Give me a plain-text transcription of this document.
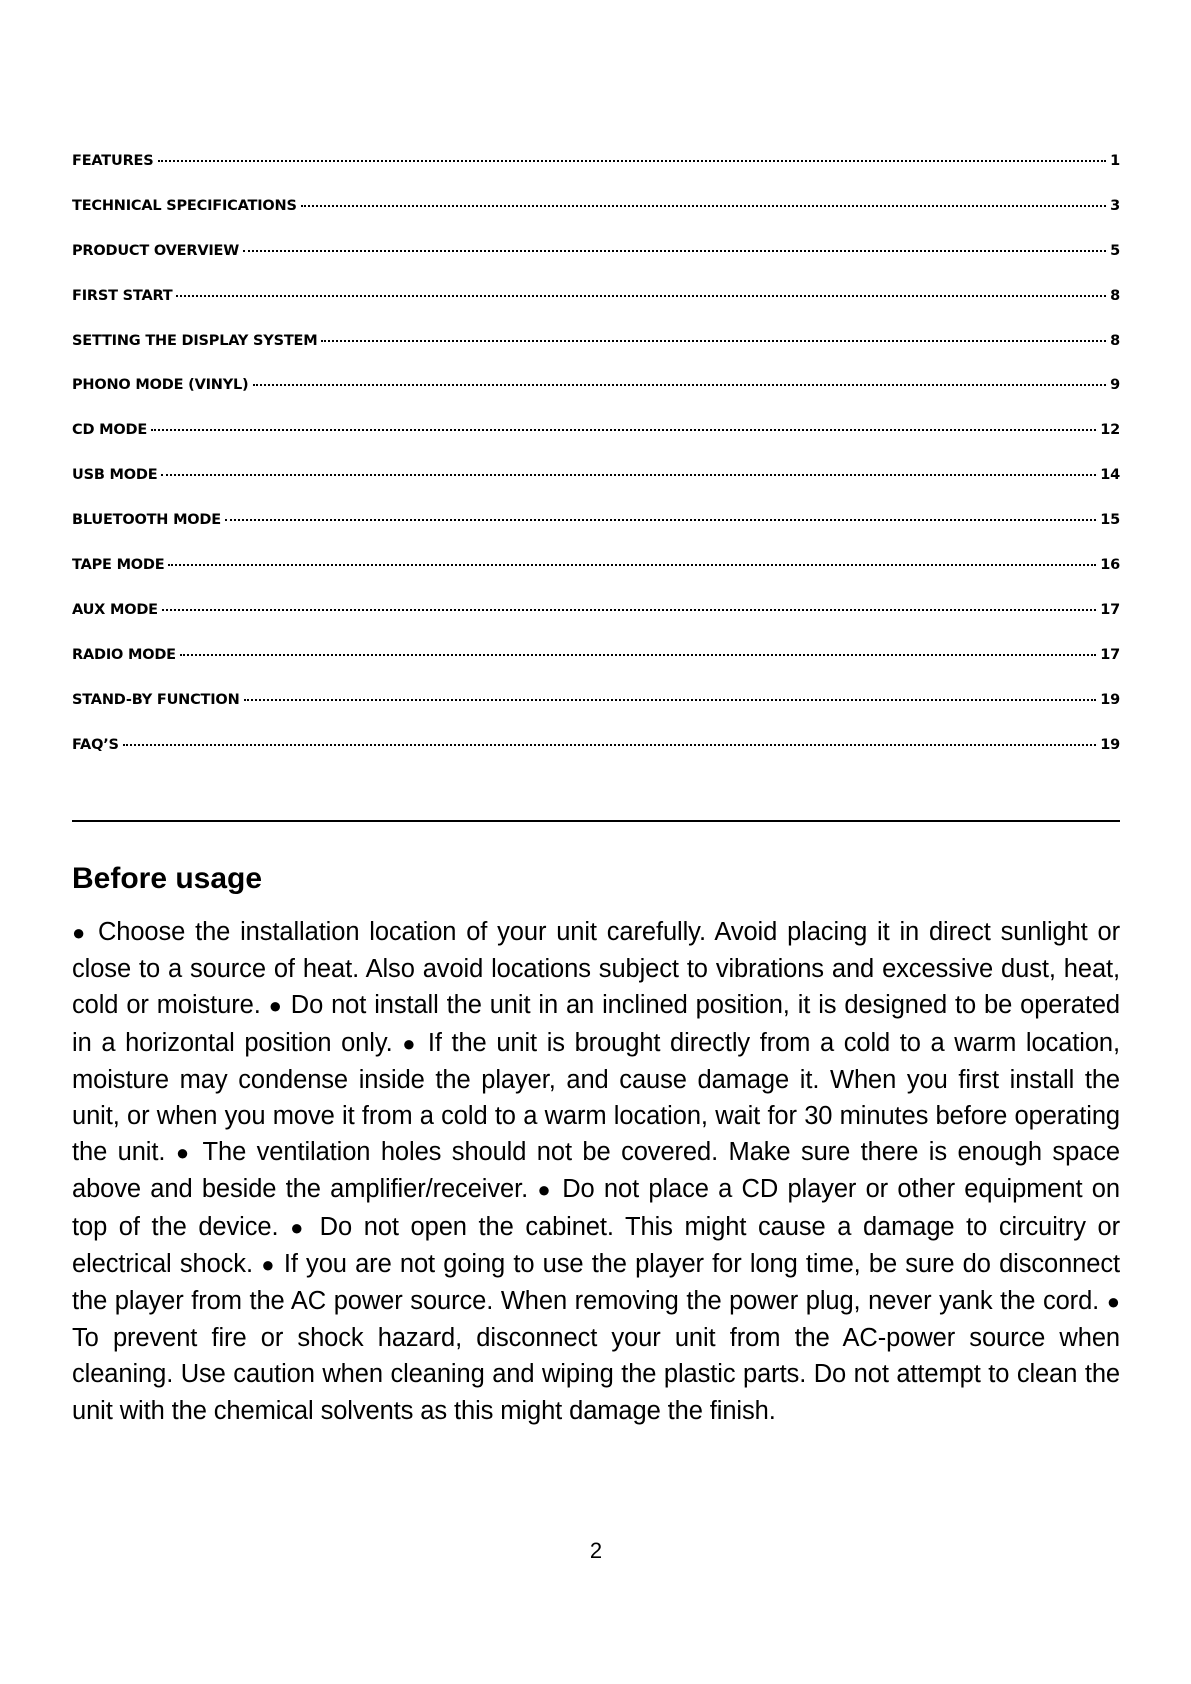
FEATURES	1
TECHNICAL SPECIFICATIONS	3
PRODUCT OVERVIEW	5
FIRST START	8
SETTING THE DISPLAY SYSTEM	8
PHONO MODE (VINYL)	9
CD MODE	12
USB MODE	14
BLUETOOTH MODE	15
TAPE MODE	16
AUX MODE	17
RADIO MODE	17
STAND-BY FUNCTION	19
FAQ’S	19
Before usage

● Choose the installation location of your unit carefully. Avoid placing it in direct sunlight or close to a source of heat. Also avoid locations subject to vibrations and excessive dust, heat, cold or moisture. ● Do not install the unit in an inclined position, it is designed to be operated in a horizontal position only. ● If the unit is brought directly from a cold to a warm location, moisture may condense inside the player, and cause damage it. When you first install the unit, or when you move it from a cold to a warm location, wait for 30 minutes before operating the unit. ● The ventilation holes should not be covered. Make sure there is enough space above and beside the amplifier/receiver. ● Do not place a CD player or other equipment on top of the device. ● Do not open the cabinet. This might cause a damage to circuitry or electrical shock. ● If you are not going to use the player for long time, be sure do disconnect the player from the AC power source. When removing the power plug, never yank the cord. ● To prevent fire or shock hazard, disconnect your unit from the AC-power source when cleaning. Use caution when cleaning and wiping the plastic parts. Do not attempt to clean the unit with the chemical solvents as this might damage the finish.

2
